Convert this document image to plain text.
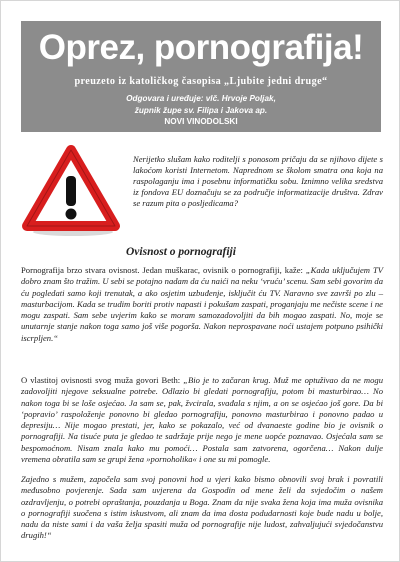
Oprez, pornografija!
preuzeto iz katoličkog časopisa „Ljubite jedni druge“
Odgovara i uređuje: vlč. Hrvoje Poljak,
župnik župe sv. Filipa i Jakova ap.
NOVI VINODOLSKI
Nerijetko slušam kako roditelji s ponosom pričaju da se njihovo dijete s lakoćom koristi Internetom. Naprednom se školom smatra ona koja na raspolaganju ima i posebnu informatičku sobu. Iznimno velika sredstva iz fondova EU doznačuju se za područje informatizacije društva. Zdrav se razum pita o posljedicama?
Ovisnost o pornografiji
Pornografija brzo stvara ovisnost. Jedan muškarac, ovisnik o pornografiji, kaže: „Kada uključujem TV dobro znam što tražim. U sebi se potajno nadam da ću naići na neku ‘vruću’ scenu. Sam sebi govorim da ću pogledati samo koji trenutak, a ako osjetim uzbuđenje, isključit ću TV. Naravno sve završi po zlu – masturbacijom. Kada se trudim boriti protiv napasti i pokušam zaspati, proganjaju me nečiste scene i ne mogu zaspati. Sam sebe uvjerim kako se moram samozadovoljiti da bih mogao zaspati. No, moje se unutarnje stanje nakon toga samo još više pogorša. Nakon neprospavane noći ustajem potpuno psihički iscrpljen.“
O vlastitoj ovisnosti svog muža govori Beth: „Bio je to začaran krug. Muž me optuživao da ne mogu zadovoljiti njegove seksualne potrebe. Odlazio bi gledati pornografiju, potom bi masturbirao… No nakon toga bi se loše osjećao. Ja sam se, pak, žvcirala, svađala s njim, a on se osjećao još gore. Da bi ‘popravio’ raspoloženje ponovno bi gledao pornografiju, ponovno masturbirao i ponovno padao u depresiju… Nije mogao prestati, jer, kako se pokazalo, već od dvanaeste godine bio je ovisnik o pornografiji. Na tisuće puta je gledao te sadržaje prije nego je mene uopće poznavao. Osjećala sam se bespomoćnom. Nisam znala kako mu pomoći… Postala sam zatvorena, ogorčena… Nakon dulje vremena obratila sam se grupi žena »pornoholika« i one su mi pomogle.
Zajedno s mužem, započela sam svoj ponovni hod u vjeri kako bismo obnovili svoj brak i povratili međusobno povjerenje. Sada sam uvjerena da Gospodin od mene želi da svjedočim o našem ozdravljenju, o potrebi opraštanja, pouzdanja u Boga. Znam da nije svaka žena koja ima muža ovisnika o pornografiji suočena s istim iskustvom, ali znam da ima dosta podudarnosti koje bude nadu u bolje, nadu da niste sami i da vaša želja spasiti muža od pornografije nije ludost, zahvaljujući svjedočanstvu drugih!“
